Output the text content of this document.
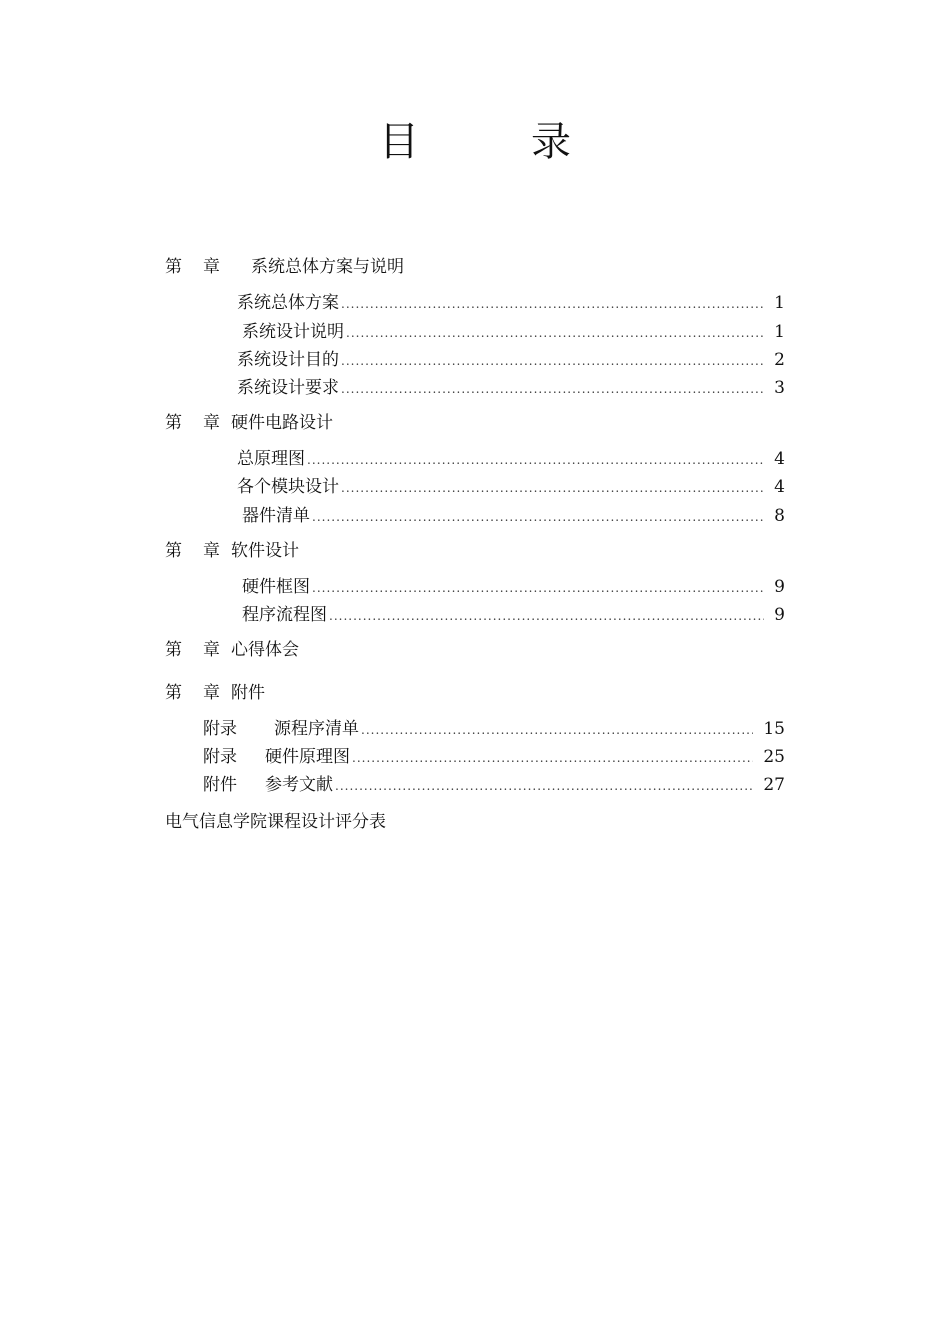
目　录
第 章 系统总体方案与说明
系统总体方案 .....	1
系统设计说明 .....	1
系统设计目的 .....	2
系统设计要求 .....	3
第 章 硬件电路设计
总原理图 .....	4
各个模块设计 .....	4
器件清单 .....	8
第 章 软件设计
硬件框图 .....	9
程序流程图 .....	9
第 章 心得体会
第 章 附件
附录	源程序清单 .....	15
附录	硬件原理图 .....	25
附件	参考文献 .....	27
电气信息学院课程设计评分表
